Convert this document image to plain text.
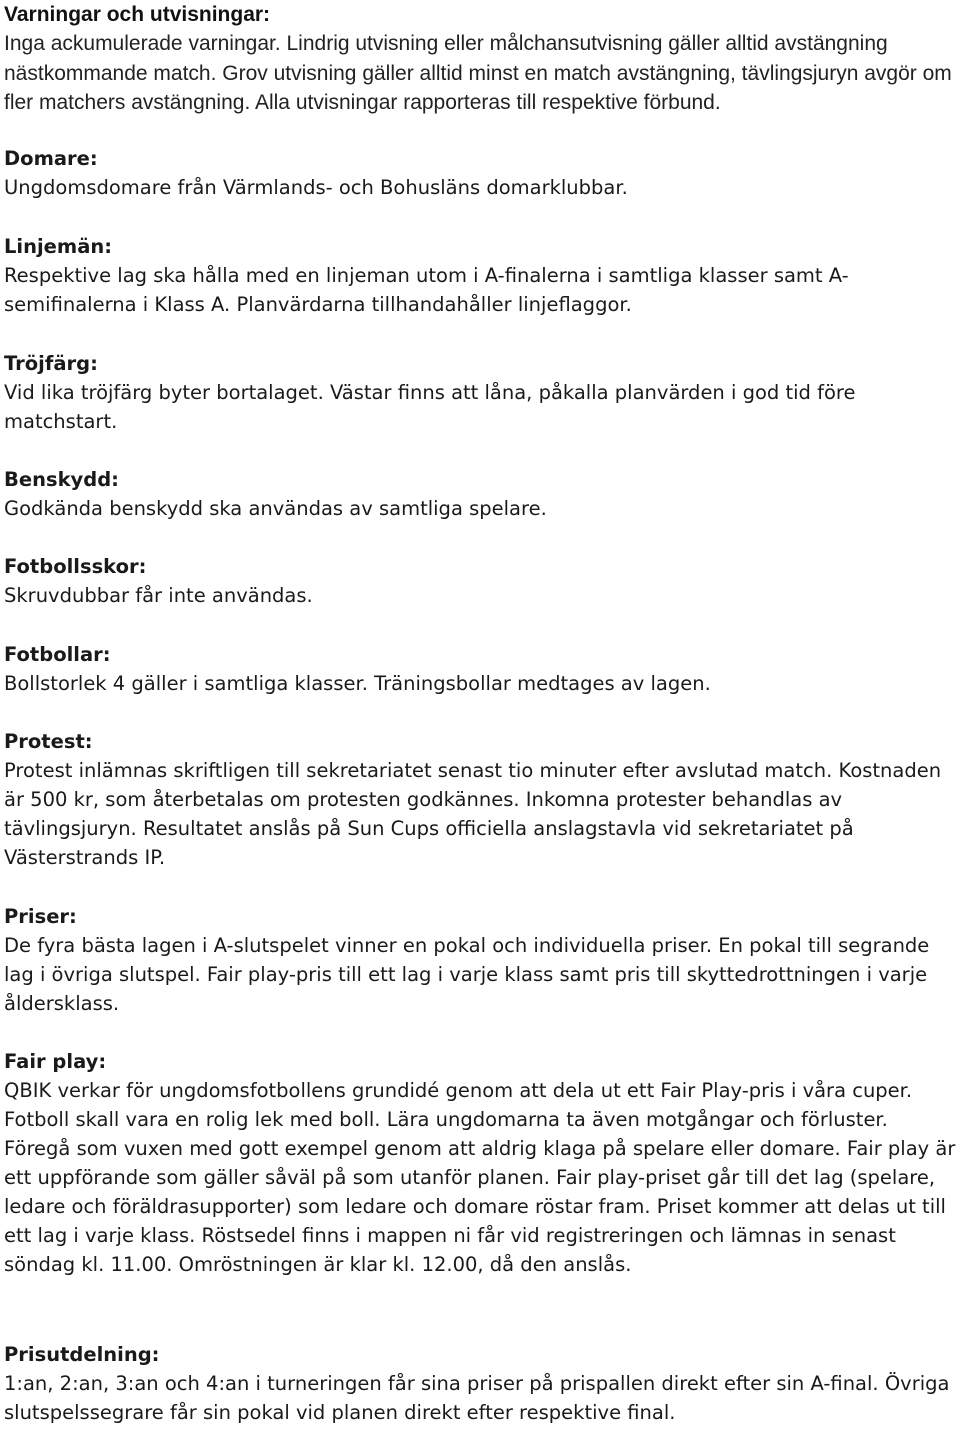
Varningar och utvisningar:

Inga ackumulerade varningar. Lindrig utvisning eller målchansutvisning gäller alltid avstängning nästkommande match. Grov utvisning gäller alltid minst en match avstängning, tävlingsjuryn avgör om fler matchers avstängning. Alla utvisningar rapporteras till respektive förbund.

Domare:

Ungdomsdomare från Värmlands- och Bohusläns domarklubbar.

Linjemän:

Respektive lag ska hålla med en linjeman utom i A-finalerna i samtliga klasser samt A-semifinalerna i Klass A. Planvärdarna tillhandahåller linjeflaggor.

Tröjfärg:

Vid lika tröjfärg byter bortalaget. Västar finns att låna, påkalla planvärden i god tid före matchstart.

Benskydd:

Godkända benskydd ska användas av samtliga spelare.

Fotbollsskor:

Skruvdubbar får inte användas.

Fotbollar:

Bollstorlek 4 gäller i samtliga klasser. Träningsbollar medtages av lagen.

Protest:

Protest inlämnas skriftligen till sekretariatet senast tio minuter efter avslutad match. Kostnaden är 500 kr, som återbetalas om protesten godkännes. Inkomna protester behandlas av tävlingsjuryn. Resultatet anslås på Sun Cups officiella anslagstavla vid sekretariatet på Västerstrands IP.

Priser:

De fyra bästa lagen i A-slutspelet vinner en pokal och individuella priser. En pokal till segrande lag i övriga slutspel. Fair play-pris till ett lag i varje klass samt pris till skyttedrottningen i varje åldersklass.

Fair play:

QBIK verkar för ungdomsfotbollens grundidé genom att dela ut ett Fair Play-pris i våra cuper. Fotboll skall vara en rolig lek med boll. Lära ungdomarna ta även motgångar och förluster. Föregå som vuxen med gott exempel genom att aldrig klaga på spelare eller domare. Fair play är ett uppförande som gäller såväl på som utanför planen. Fair play-priset går till det lag (spelare, ledare och föräldrasupporter) som ledare och domare röstar fram. Priset kommer att delas ut till ett lag i varje klass. Röstsedel finns i mappen ni får vid registreringen och lämnas in senast söndag kl. 11.00. Omröstningen är klar kl. 12.00, då den anslås.

Prisutdelning:

1:an, 2:an, 3:an och 4:an i turneringen får sina priser på prispallen direkt efter sin A-final. Övriga slutspelssegrare får sin pokal vid planen direkt efter respektive final.
